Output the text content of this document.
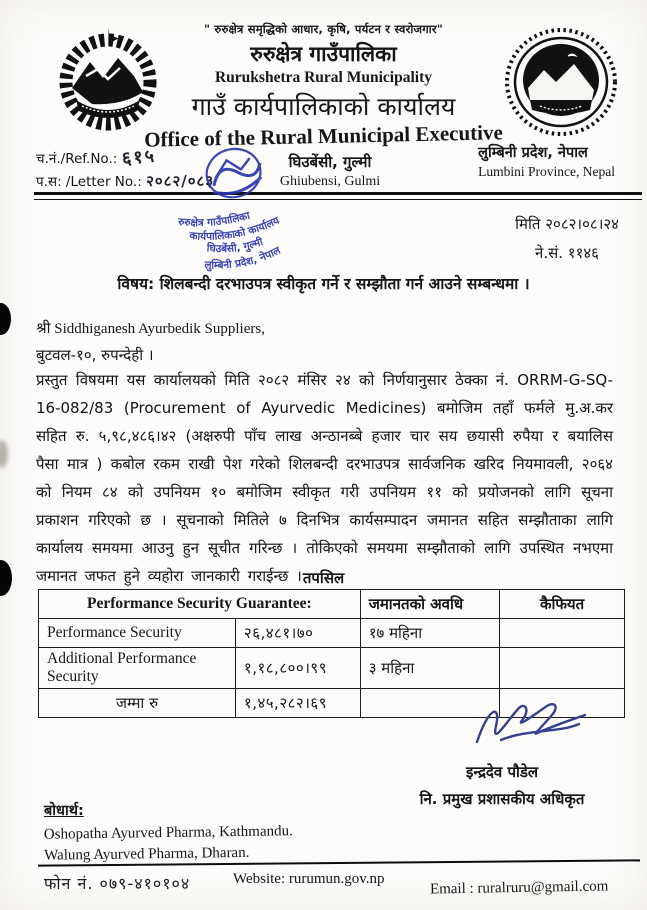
" रुरुक्षेत्र समृद्धिको आधार, कृषि, पर्यटन र स्वरोजगार"
रुरुक्षेत्र गाउँपालिका
Rurukshetra Rural Municipality
गाउँ कार्यपालिकाको कार्यालय
Office of the Rural Municipal Executive
च.नं./Ref.No.: ६१५
प.स: /Letter No.: २०८२/०८३
घिउबेंसी, गुल्मी
Ghiubensi, Gulmi
लुम्बिनी प्रदेश, नेपाल
Lumbini Province, Nepal
रुरुक्षेत्र गाउँपालिका
कार्यपालिकाको कार्यालय
घिउबेंसी, गुल्मी
लुम्बिनी प्रदेश, नेपाल
मिति २०८२।०८।२४
ने.सं. ११४६
विषय: शिलबन्दी दरभाउपत्र स्वीकृत गर्ने र सम्झौता गर्न आउने सम्बन्धमा ।
श्री Siddhiganesh Ayurbedik Suppliers,
बुटवल-१०, रुपन्देही ।
प्रस्तुत विषयमा यस कार्यालयको मिति २०८२ मंसिर २४ को निर्णयानुसार ठेक्का नं. ORRM-G-SQ-16-082/83 (Procurement of Ayurvedic Medicines) बमोजिम तहाँ फर्मले मु.अ.कर सहित रु. ५,९८,४८६।४२ (अक्षरुपी पाँच लाख अन्ठानब्बे हजार चार सय छयासी रुपैया र बयालिस पैसा मात्र ) कबोल रकम राखी पेश गरेको शिलबन्दी दरभाउपत्र सार्वजनिक खरिद नियमावली, २०६४ को नियम ८४ को उपनियम १० बमोजिम स्वीकृत गरी उपनियम ११ को प्रयोजनको लागि सूचना प्रकाशन गरिएको छ । सूचनाको मितिले ७ दिनभित्र कार्यसम्पादन जमानत सहित सम्झौताका लागि कार्यालय समयमा आउनु हुन सूचीत गरिन्छ । तोकिएको समयमा सम्झौताको लागि उपस्थित नभएमा जमानत जफत हुने व्यहोरा जानकारी गराईन्छ । तपसिल
Performance Security Guarantee:		जमानतको अवधि	कैफियत
Performance Security	२६,४८१।७०	१७ महिना	
Additional Performance Security	१,१८,८००।९९	३ महिना	
जम्मा रु	१,४५,२८२।६९		
इन्द्रदेव पौडेल
नि. प्रमुख प्रशासकीय अधिकृत
बोधार्थ:
Oshopatha Ayurved Pharma, Kathmandu.
Walung Ayurved Pharma, Dharan.
फोन नं. ०७९-४१०१०४	Website: rurumun.gov.np	Email : ruralruru@gmail.com
